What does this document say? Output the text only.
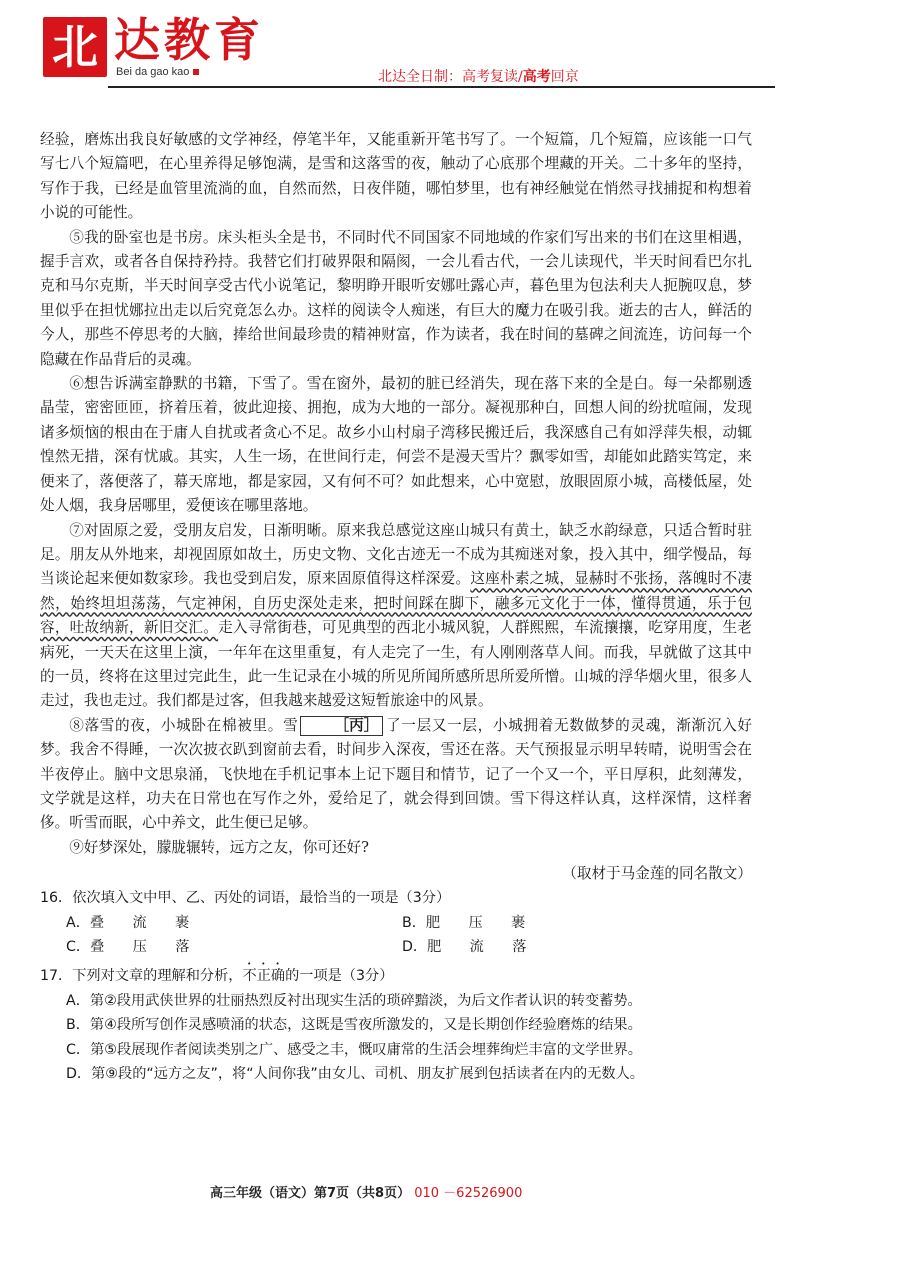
北 达教育
Bei da gao kao	北达全日制：高考复读/高考回京

经验，磨炼出我良好敏感的文学神经，停笔半年，又能重新开笔书写了。一个短篇，几个短篇，应该能一口气写七八个短篇吧，在心里养得足够饱满，是雪和这落雪的夜，触动了心底那个埋藏的开关。二十多年的坚持，写作于我，已经是血管里流淌的血，自然而然，日夜伴随，哪怕梦里，也有神经触觉在悄然寻找捕捉和构想着小说的可能性。

⑤我的卧室也是书房。床头柜头全是书，不同时代不同国家不同地域的作家们写出来的书们在这里相遇，握手言欢，或者各自保持矜持。我替它们打破界限和隔阂，一会儿看古代，一会儿读现代，半天时间看巴尔扎克和马尔克斯，半天时间享受古代小说笔记，黎明睁开眼听安娜吐露心声，暮色里为包法利夫人扼腕叹息，梦里似乎在担忧娜拉出走以后究竟怎么办。这样的阅读令人痴迷，有巨大的魔力在吸引我。逝去的古人，鲜活的今人，那些不停思考的大脑，捧给世间最珍贵的精神财富，作为读者，我在时间的墓碑之间流连，访问每一个隐藏在作品背后的灵魂。

⑥想告诉满室静默的书籍，下雪了。雪在窗外，最初的脏已经消失，现在落下来的全是白。每一朵都剔透晶莹，密密匝匝，挤着压着，彼此迎接、拥抱，成为大地的一部分。凝视那种白，回想人间的纷扰喧闹，发现诸多烦恼的根由在于庸人自扰或者贪心不足。故乡小山村扇子湾移民搬迁后，我深感自己有如浮萍失根，动辄惶然无措，深有忧戚。其实，人生一场，在世间行走，何尝不是漫天雪片？飘零如雪，却能如此踏实笃定，来便来了，落便落了，幕天席地，都是家园，又有何不可？如此想来，心中宽慰，放眼固原小城，高楼低屋，处处人烟，我身居哪里，爱便该在哪里落地。

⑦对固原之爱，受朋友启发，日渐明晰。原来我总感觉这座山城只有黄土，缺乏水韵绿意，只适合暂时驻足。朋友从外地来，却视固原如故土，历史文物、文化古迹无一不成为其痴迷对象，投入其中，细学慢品，每当谈论起来便如数家珍。我也受到启发，原来固原值得这样深爱。这座朴素之城，显赫时不张扬，落魄时不凄然，始终坦坦荡荡，气定神闲，自历史深处走来，把时间踩在脚下，融多元文化于一体，懂得贯通，乐于包容，吐故纳新，新旧交汇。走入寻常街巷，可见典型的西北小城风貌，人群熙熙，车流攘攘，吃穿用度，生老病死，一天天在这里上演，一年年在这里重复，有人走完了一生，有人刚刚落草人间。而我，早就做了这其中的一员，终将在这里过完此生，此一生记录在小城的所见所闻所感所思所爱所憎。山城的浮华烟火里，很多人走过，我也走过。我们都是过客，但我越来越爱这短暂旅途中的风景。

⑧落雪的夜，小城卧在棉被里。雪 ［丙］ 了一层又一层，小城拥着无数做梦的灵魂，渐渐沉入好梦。我舍不得睡，一次次披衣趴到窗前去看，时间步入深夜，雪还在落。天气预报显示明早转晴，说明雪会在半夜停止。脑中文思泉涌，飞快地在手机记事本上记下题目和情节，记了一个又一个，平日厚积，此刻薄发，文学就是这样，功夫在日常也在写作之外，爱给足了，就会得到回馈。雪下得这样认真，这样深情，这样奢侈。听雪而眠，心中养文，此生便已足够。

⑨好梦深处，朦胧辗转，远方之友，你可还好?

（取材于马金莲的同名散文）

16．依次填入文中甲、乙、丙处的词语，最恰当的一项是（3分）

A．叠　　流　　裹	B．肥　　压　　裹
C．叠　　压　　落	D．肥　　流　　落

17．下列对文章的理解和分析，不正确的一项是（3分）

A．第②段用武侠世界的壮丽热烈反衬出现实生活的琐碎黯淡，为后文作者认识的转变蓄势。

B．第④段所写创作灵感喷涌的状态，这既是雪夜所激发的，又是长期创作经验磨炼的结果。

C．第⑤段展现作者阅读类别之广、感受之丰，慨叹庸常的生活会埋葬绚烂丰富的文学世界。

D．第⑨段的“远方之友”，将“人间你我”由女儿、司机、朋友扩展到包括读者在内的无数人。

高三年级（语文）第7页（共8页） 010 －62526900
